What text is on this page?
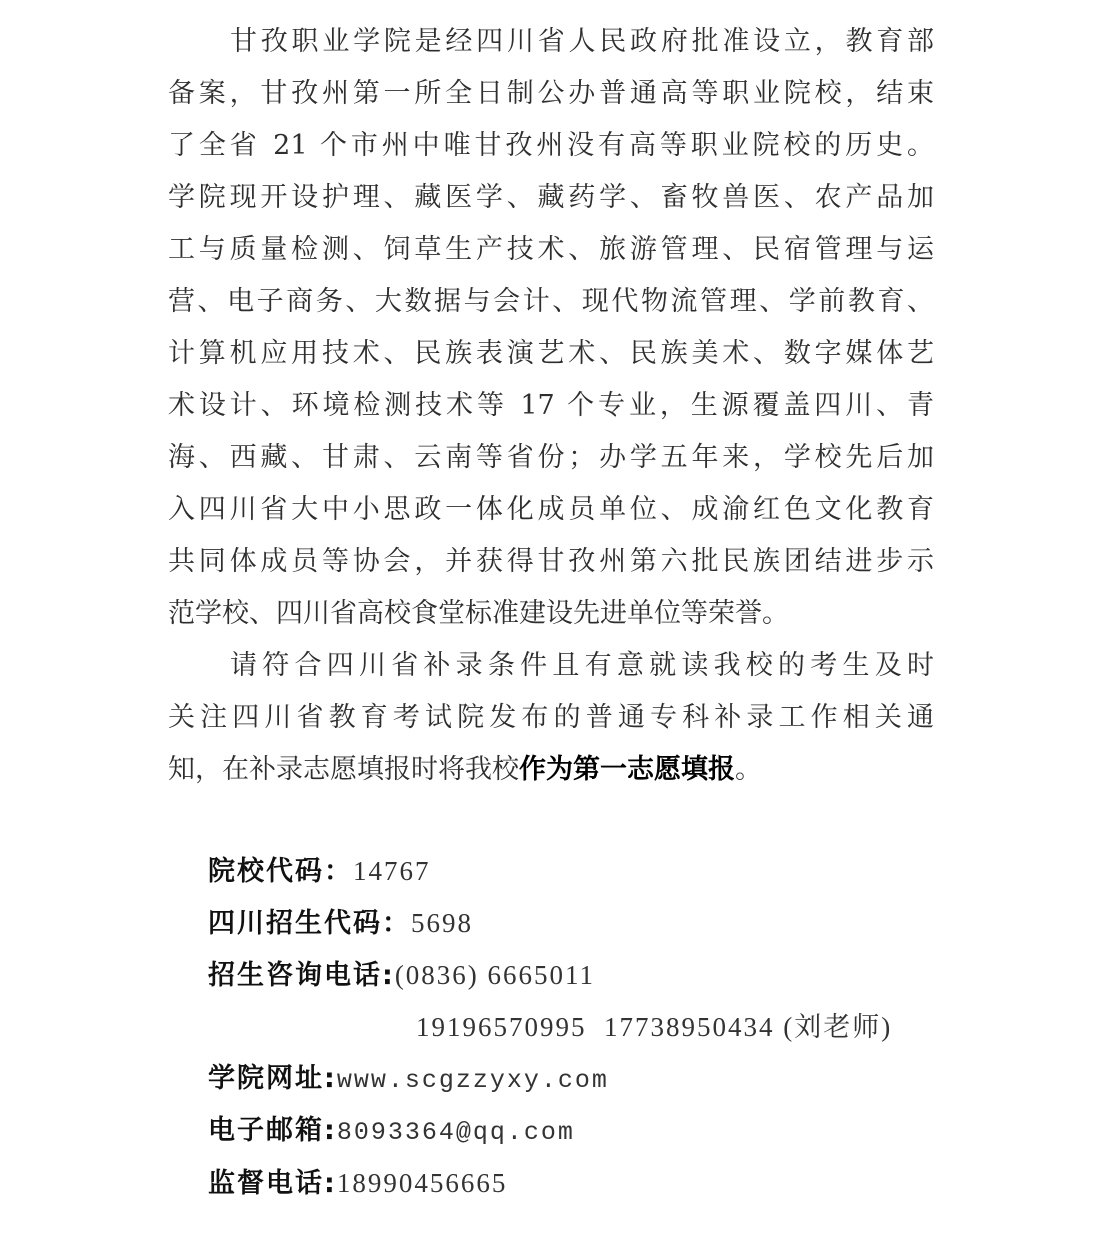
甘孜职业学院是经四川省人民政府批准设立，教育部
备案，甘孜州第一所全日制公办普通高等职业院校，结束
了全省 21 个市州中唯甘孜州没有高等职业院校的历史。
学院现开设护理、藏医学、藏药学、畜牧兽医、农产品加
工与质量检测、饲草生产技术、旅游管理、民宿管理与运
营、电子商务、大数据与会计、现代物流管理、学前教育、
计算机应用技术、民族表演艺术、民族美术、数字媒体艺
术设计、环境检测技术等 17 个专业，生源覆盖四川、青
海、西藏、甘肃、云南等省份；办学五年来，学校先后加
入四川省大中小思政一体化成员单位、成渝红色文化教育
共同体成员等协会，并获得甘孜州第六批民族团结进步示
范学校、四川省高校食堂标准建设先进单位等荣誉。
请符合四川省补录条件且有意就读我校的考生及时
关注四川省教育考试院发布的普通专科补录工作相关通
知，在补录志愿填报时将我校作为第一志愿填报。
院校代码：14767
四川招生代码：5698
招生咨询电话:(0836) 6665011
19196570995  17738950434 (刘老师)
学院网址:www.scgzzyxy.com
电子邮箱:8093364@qq.com
监督电话:18990456665
